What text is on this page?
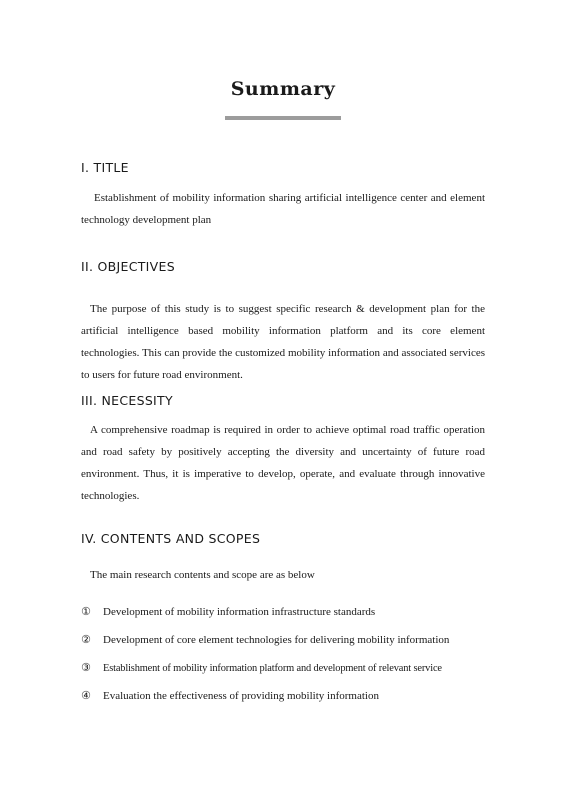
Summary
I. TITLE
Establishment of mobility information sharing artificial intelligence center and element technology development plan
II. OBJECTIVES
The purpose of this study is to suggest specific research & development plan for the artificial intelligence based mobility information platform and its core element technologies. This can provide the customized mobility information and associated services to users for future road environment.
III. NECESSITY
A comprehensive roadmap is required in order to achieve optimal road traffic operation and road safety by positively accepting the diversity and uncertainty of future road environment. Thus, it is imperative to develop, operate, and evaluate through innovative technologies.
IV. CONTENTS AND SCOPES
The main research contents and scope are as below
① Development of mobility information infrastructure standards
② Development of core element technologies for delivering mobility information
③ Establishment of mobility information platform and development of relevant service
④ Evaluation the effectiveness of providing mobility information
